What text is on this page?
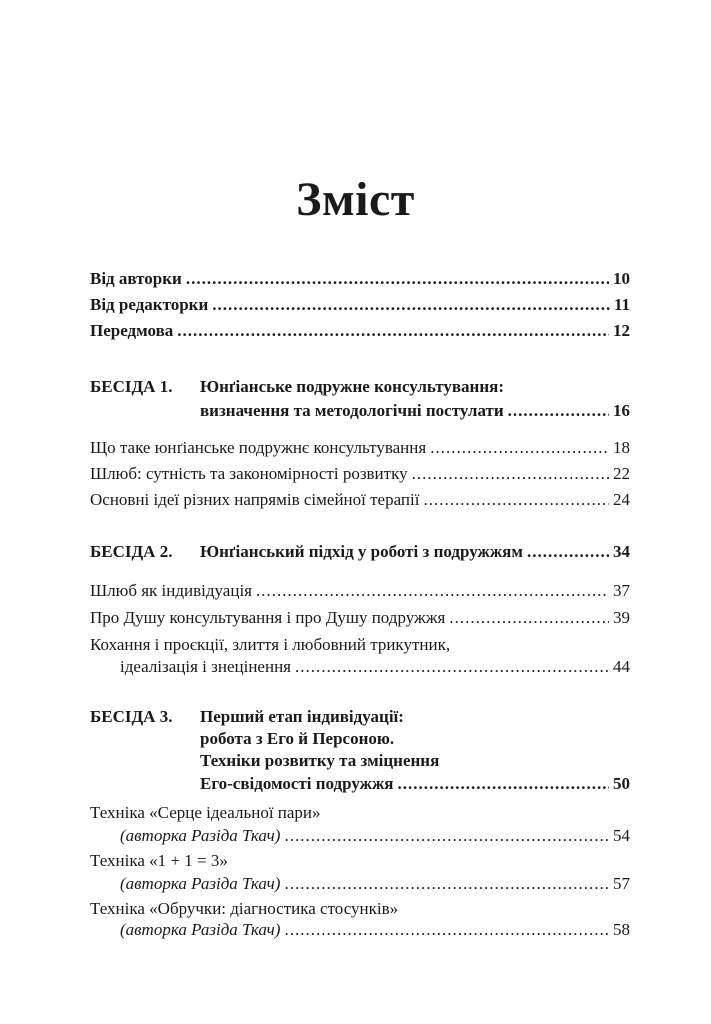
Зміст
Від авторки .....	10
Від редакторки .....	11
Передмова .....	12
БЕСІДА 1. Юнґіанське подружне консультування:
визначення та методологічні постулати .....	16
Що таке юнґіанське подружнє консультування .....	18
Шлюб: сутність та закономірності розвитку .....	22
Основні ідеї різних напрямів сімейної терапії .....	24
БЕСІДА 2. Юнґіанський підхід у роботі з подружжям .....	34
Шлюб як індивідуація .....	37
Про Душу консультування і про Душу подружжя .....	39
Кохання і проєкції, злиття і любовний трикутник,
ідеалізація і знецінення .....	44
БЕСІДА 3. Перший етап індивідуації:
робота з Его й Персоною.
Техніки розвитку та зміцнення
Его-свідомості подружжя .....	50
Техніка «Серце ідеальної пари»
(авторка Разіда Ткач) .....	54
Техніка «1 + 1 = 3»
(авторка Разіда Ткач) .....	57
Техніка «Обручки: діагностика стосунків»
(авторка Разіда Ткач) .....	58
